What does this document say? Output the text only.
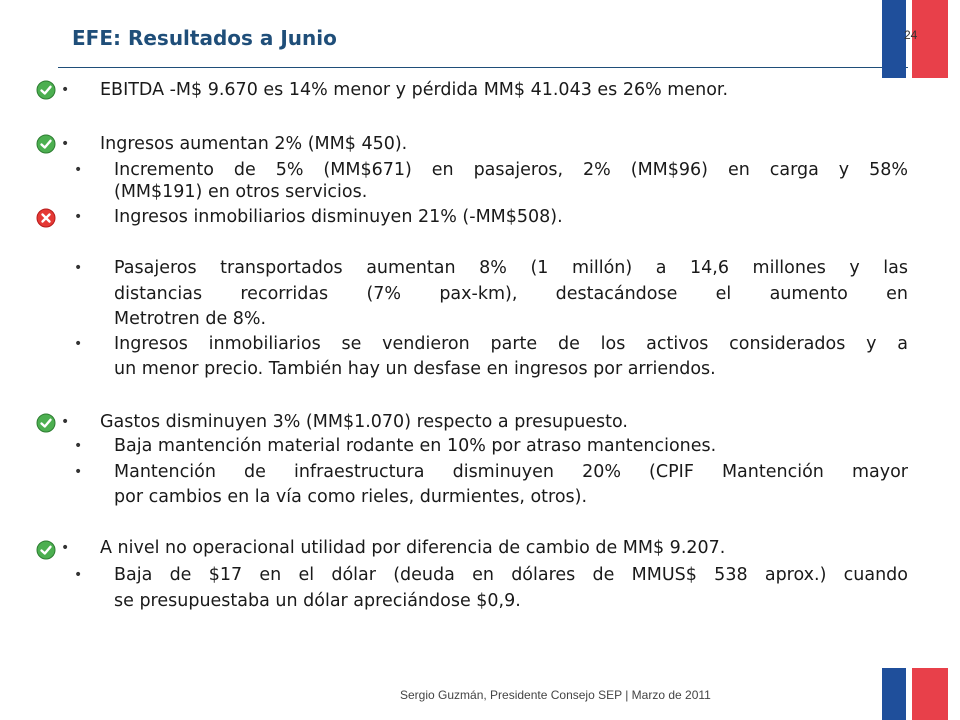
EFE: Resultados a Junio	24
• EBITDA -M$ 9.670 es 14% menor y pérdida MM$ 41.043 es 26% menor.
• Ingresos aumentan 2% (MM$ 450).
• Incremento de 5% (MM$671) en pasajeros, 2% (MM$96) en carga y 58%
(MM$191) en otros servicios.
• Ingresos inmobiliarios disminuyen 21% (-MM$508).
• Pasajeros transportados aumentan 8% (1 millón) a 14,6 millones y las
distancias recorridas (7% pax-km), destacándose el aumento en
Metrotren de 8%.
• Ingresos inmobiliarios se vendieron parte de los activos considerados y a
un menor precio. También hay un desfase en ingresos por arriendos.
• Gastos disminuyen 3% (MM$1.070) respecto a presupuesto.
• Baja mantención material rodante en 10% por atraso mantenciones.
• Mantención de infraestructura disminuyen 20% (CPIF Mantención mayor
por cambios en la vía como rieles, durmientes, otros).
• A nivel no operacional utilidad por diferencia de cambio de MM$ 9.207.
• Baja de $17 en el dólar (deuda en dólares de MMUS$ 538 aprox.) cuando
se presupuestaba un dólar apreciándose $0,9.
Sergio Guzmán, Presidente Consejo SEP | Marzo de 2011
